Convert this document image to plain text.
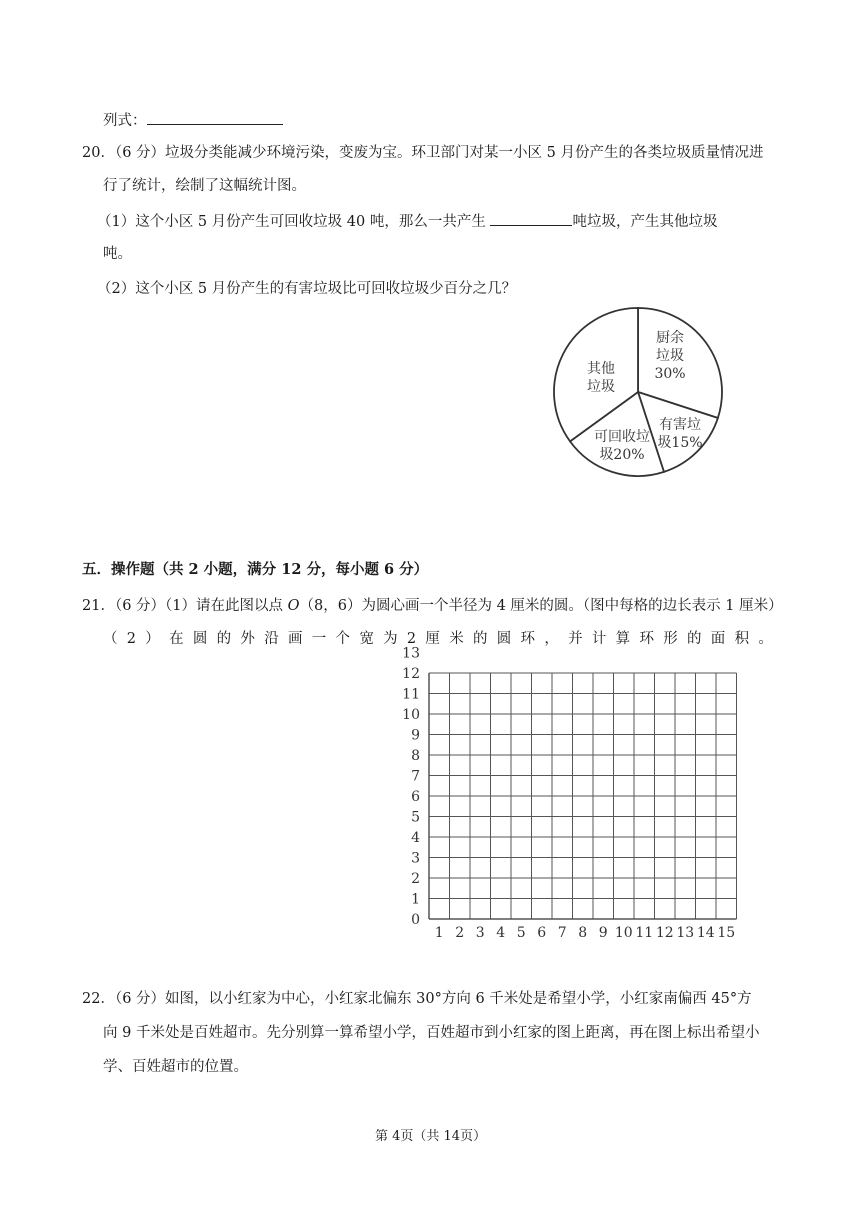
列式：
20．（6 分）垃圾分类能减少环境污染，变废为宝。环卫部门对某一小区 5 月份产生的各类垃圾质量情况进
行了统计，绘制了这幅统计图。
（1）这个小区 5 月份产生可回收垃圾 40 吨，那么一共产生	吨垃圾，产生其他垃圾
吨。
（2）这个小区 5 月份产生的有害垃圾比可回收垃圾少百分之几？
厨余
垃圾
30%
有害垃
圾15%
可回收垃
圾20%
其他
垃圾
五．操作题（共 2 小题，满分 12 分，每小题 6 分）
21．（6 分）（1）请在此图以点 O（8，6）为圆心画一个半径为 4 厘米的圆。（图中每格的边长表示 1 厘米）
（ 2 ） 在 圆 的 外 沿 画 一 个 宽 为 2 厘 米 的 圆 环 ， 并 计 算 环 形 的 面 积 。
1 2 3 4 5 6 7 8 9 10 11 12 13 14 15
0
1
2
3
4
5
6
7
8
9
10
11
12
13
22．（6 分）如图，以小红家为中心，小红家北偏东 30°方向 6 千米处是希望小学，小红家南偏西 45°方
向 9 千米处是百姓超市。先分别算一算希望小学，百姓超市到小红家的图上距离，再在图上标出希望小
学、百姓超市的位置。
第 4页（共 14页）
